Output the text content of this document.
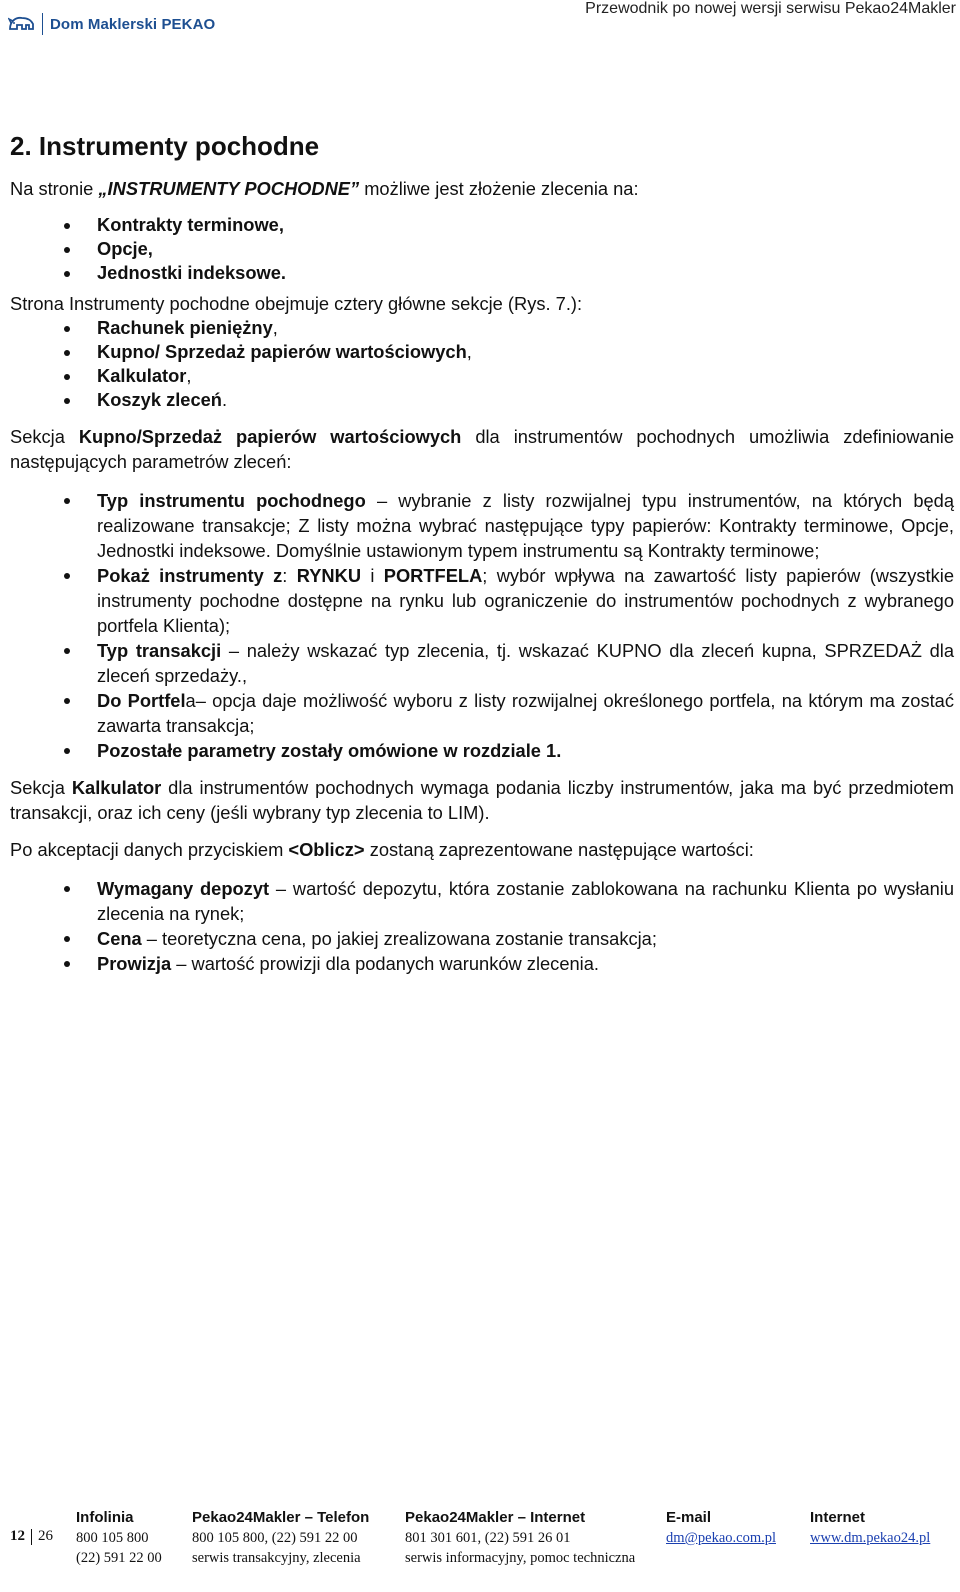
Dom Maklerski PEKAO
Przewodnik po nowej wersji serwisu Pekao24Makler
2. Instrumenty pochodne

Na stronie „INSTRUMENTY POCHODNE” możliwe jest złożenie zlecenia na:

Kontrakty terminowe,
Opcje,
Jednostki indeksowe.

Strona Instrumenty pochodne obejmuje cztery główne sekcje (Rys. 7.):

Rachunek pieniężny,
Kupno/ Sprzedaż papierów wartościowych,
Kalkulator,
Koszyk zleceń.

Sekcja Kupno/Sprzedaż papierów wartościowych dla instrumentów pochodnych umożliwia zdefiniowanie następujących parametrów zleceń:

Typ instrumentu pochodnego – wybranie z listy rozwijalnej typu instrumentów, na których będą realizowane transakcje; Z listy można wybrać następujące typy papierów: Kontrakty terminowe, Opcje, Jednostki indeksowe. Domyślnie ustawionym typem instrumentu są Kontrakty terminowe;
Pokaż instrumenty z: RYNKU i PORTFELA; wybór wpływa na zawartość listy papierów (wszystkie instrumenty pochodne dostępne na rynku lub ograniczenie do instrumentów pochodnych z wybranego portfela Klienta);
Typ transakcji – należy wskazać typ zlecenia, tj. wskazać KUPNO dla zleceń kupna, SPRZEDAŻ dla zleceń sprzedaży.,
Do Portfela– opcja daje możliwość wyboru z listy rozwijalnej określonego portfela, na którym ma zostać zawarta transakcja;
Pozostałe parametry zostały omówione w rozdziale 1.

Sekcja Kalkulator dla instrumentów pochodnych wymaga podania liczby instrumentów, jaka ma być przedmiotem transakcji, oraz ich ceny (jeśli wybrany typ zlecenia to LIM).

Po akceptacji danych przyciskiem <Oblicz> zostaną zaprezentowane następujące wartości:

Wymagany depozyt – wartość depozytu, która zostanie zablokowana na rachunku Klienta po wysłaniu zlecenia na rynek;
Cena – teoretyczna cena, po jakiej zrealizowana zostanie transakcja;
Prowizja – wartość prowizji dla podanych warunków zlecenia.
12 26
Infolinia
800 105 800
(22) 591 22 00
Pekao24Makler – Telefon
800 105 800, (22) 591 22 00
serwis transakcyjny, zlecenia
Pekao24Makler – Internet
801 301 601, (22) 591 26 01
serwis informacyjny, pomoc techniczna
E-mail
dm@pekao.com.pl
Internet
www.dm.pekao24.pl
